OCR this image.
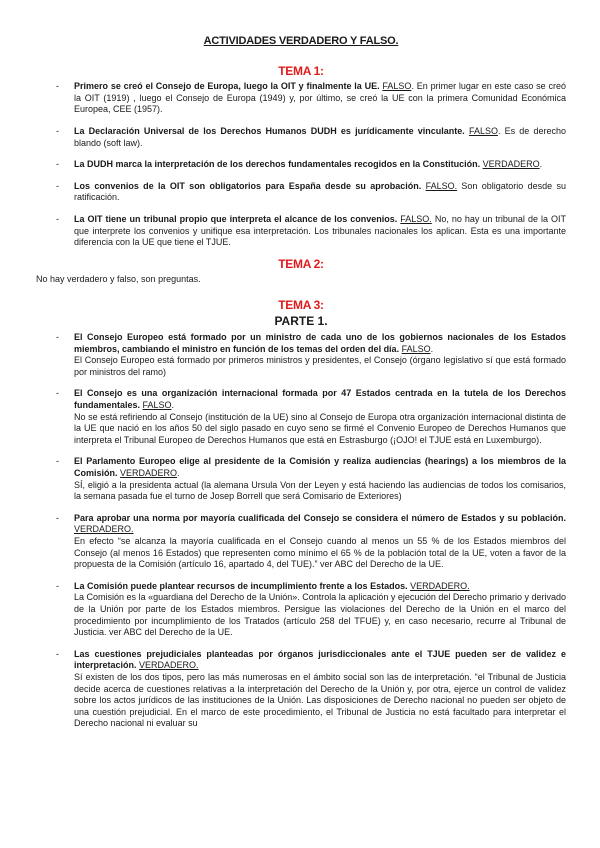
ACTIVIDADES VERDADERO Y FALSO.
TEMA 1:
- Primero se creó el Consejo de Europa, luego la OIT y finalmente la UE. FALSO. En primer lugar en este caso se creó la OIT (1919) , luego el Consejo de Europa (1949) y, por último, se creó la UE con la primera Comunidad Económica Europea, CEE (1957).
- La Declaración Universal de los Derechos Humanos DUDH es jurídicamente vinculante. FALSO. Es de derecho blando (soft law).
- La DUDH marca la interpretación de los derechos fundamentales recogidos en la Constitución. VERDADERO.
- Los convenios de la OIT son obligatorios para España desde su aprobación. FALSO. Son obligatorio desde su ratificación.
- La OIT tiene un tribunal propio que interpreta el alcance de los convenios. FALSO. No, no hay un tribunal de la OIT que interprete los convenios y unifique esa interpretación. Los tribunales nacionales los aplican. Esta es una importante diferencia con la UE que tiene el TJUE.
TEMA 2:
No hay verdadero y falso, son preguntas.
TEMA 3:
PARTE 1.
- El Consejo Europeo está formado por un ministro de cada uno de los gobiernos nacionales de los Estados miembros, cambiando el ministro en función de los temas del orden del día. FALSO.
El Consejo Europeo está formado por primeros ministros y presidentes, el Consejo (órgano legislativo sí que está formado por ministros del ramo)
- El Consejo es una organización internacional formada por 47 Estados centrada en la tutela de los Derechos fundamentales. FALSO.
No se está refiriendo al Consejo (institución de la UE) sino al Consejo de Europa otra organización internacional distinta de la UE que nació en los años 50 del siglo pasado en cuyo seno se firmé el Convenio Europeo de Derechos Humanos que interpreta el Tribunal Europeo de Derechos Humanos que está en Estrasburgo (¡OJO! el TJUE está en Luxemburgo).
- El Parlamento Europeo elige al presidente de la Comisión y realiza audiencias (hearings) a los miembros de la Comisión. VERDADERO.
SÍ, eligió a la presidenta actual (la alemana Ursula Von der Leyen y está haciendo las audiencias de todos los comisarios, la semana pasada fue el turno de Josep Borrell que será Comisario de Exteriores)
- Para aprobar una norma por mayoría cualificada del Consejo se considera el número de Estados y su población. VERDADERO.
En efecto “se alcanza la mayoría cualificada en el Consejo cuando al menos un 55 % de los Estados miembros del Consejo (al menos 16 Estados) que representen como mínimo el 65 % de la población total de la UE, voten a favor de la propuesta de la Comisión (artículo 16, apartado 4, del TUE).” ver ABC del Derecho de la UE.
- La Comisión puede plantear recursos de incumplimiento frente a los Estados. VERDADERO.
La Comisión es la «guardiana del Derecho de la Unión». Controla la aplicación y ejecución del Derecho primario y derivado de la Unión por parte de los Estados miembros. Persigue las violaciones del Derecho de la Unión en el marco del procedimiento por incumplimiento de los Tratados (artículo 258 del TFUE) y, en caso necesario, recurre al Tribunal de Justicia. ver ABC del Derecho de la UE.
- Las cuestiones prejudiciales planteadas por órganos jurisdiccionales ante el TJUE pueden ser de validez e interpretación. VERDADERO.
Sí existen de los dos tipos, pero las más numerosas en el ámbito social son las de interpretación. “el Tribunal de Justicia decide acerca de cuestiones relativas a la interpretación del Derecho de la Unión y, por otra, ejerce un control de validez sobre los actos jurídicos de las instituciones de la Unión. Las disposiciones de Derecho nacional no pueden ser objeto de una cuestión prejudicial. En el marco de este procedimiento, el Tribunal de Justicia no está facultado para interpretar el Derecho nacional ni evaluar su
